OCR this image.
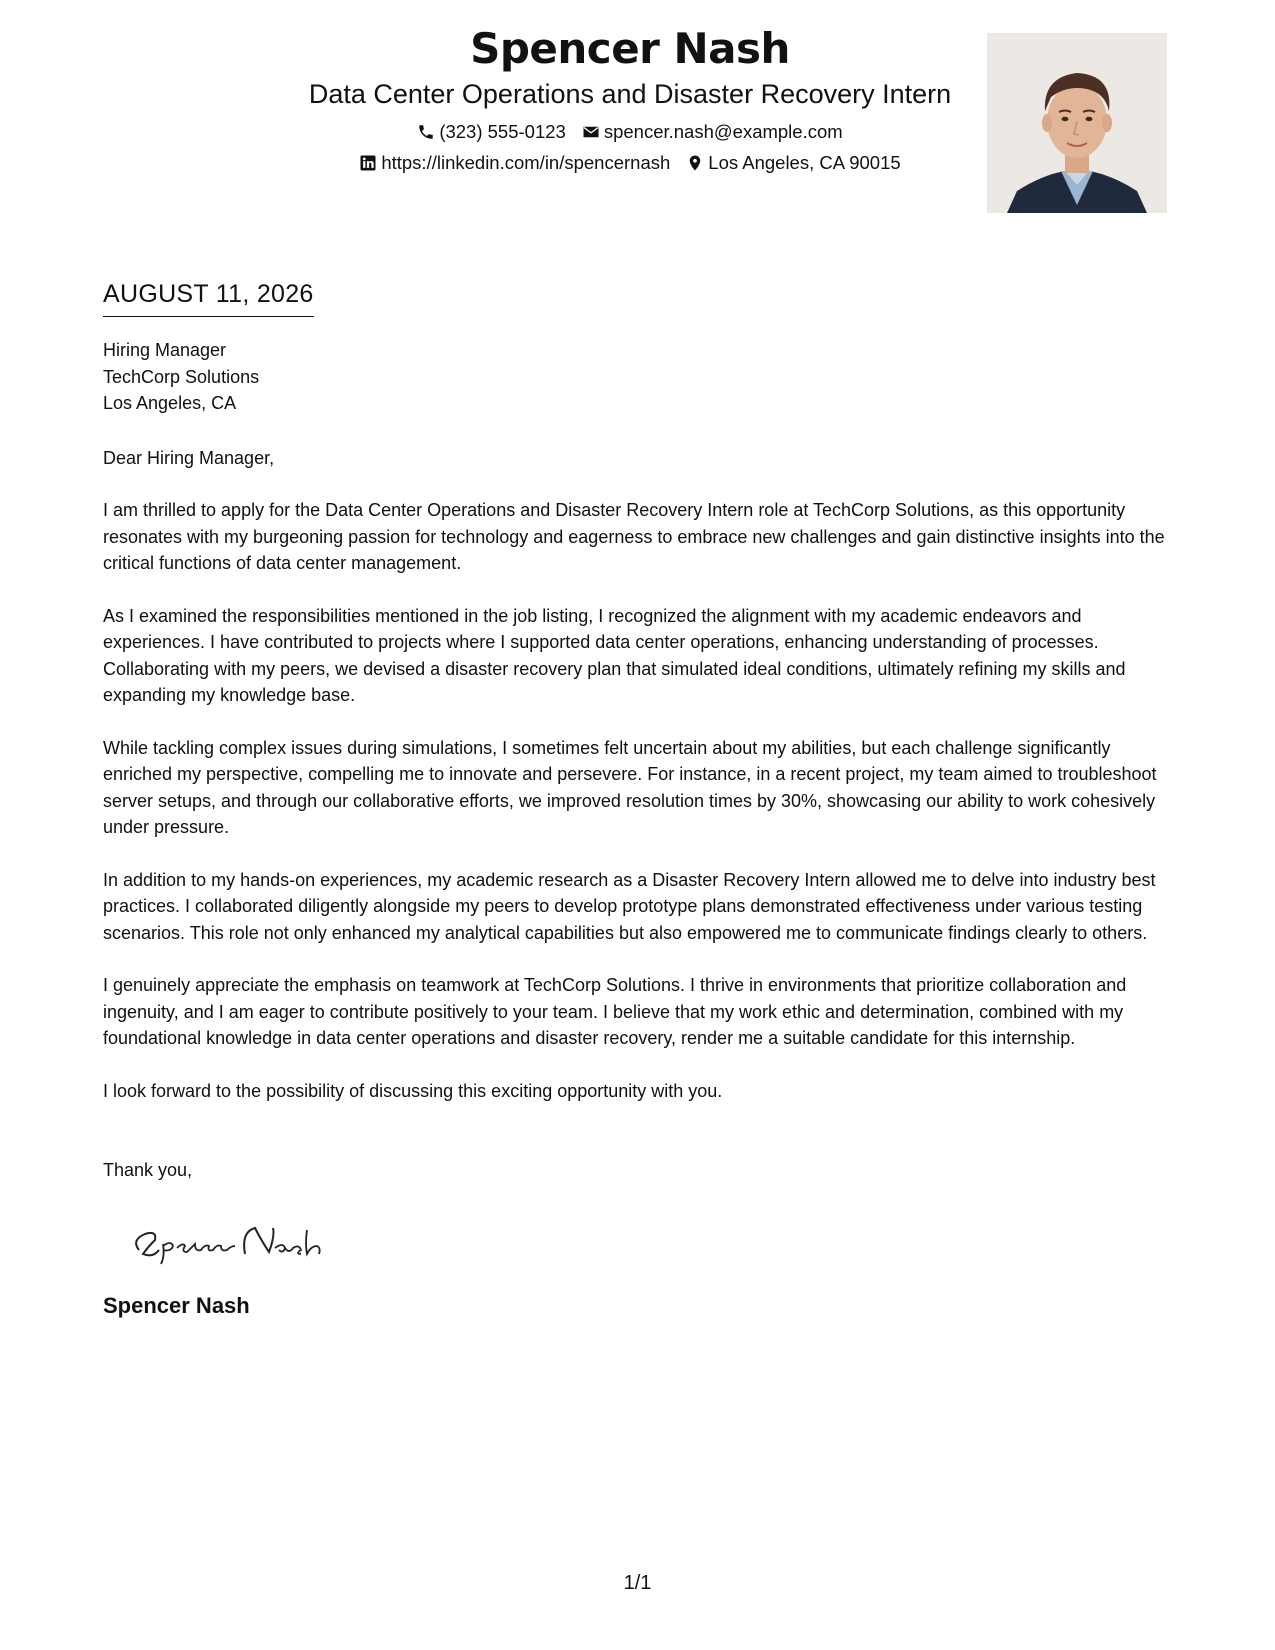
Spencer Nash
Data Center Operations and Disaster Recovery Intern
(323) 555-0123 spencer.nash@example.com
https://linkedin.com/in/spencernash Los Angeles, CA 90015
AUGUST 11, 2026
Hiring Manager
TechCorp Solutions
Los Angeles, CA
Dear Hiring Manager,

I am thrilled to apply for the Data Center Operations and Disaster Recovery Intern role at TechCorp Solutions, as this opportunity resonates with my burgeoning passion for technology and eagerness to embrace new challenges and gain distinctive insights into the critical functions of data center management.

As I examined the responsibilities mentioned in the job listing, I recognized the alignment with my academic endeavors and experiences. I have contributed to projects where I supported data center operations, enhancing understanding of processes. Collaborating with my peers, we devised a disaster recovery plan that simulated ideal conditions, ultimately refining my skills and expanding my knowledge base.

While tackling complex issues during simulations, I sometimes felt uncertain about my abilities, but each challenge significantly enriched my perspective, compelling me to innovate and persevere. For instance, in a recent project, my team aimed to troubleshoot server setups, and through our collaborative efforts, we improved resolution times by 30%, showcasing our ability to work cohesively under pressure.

In addition to my hands-on experiences, my academic research as a Disaster Recovery Intern allowed me to delve into industry best practices. I collaborated diligently alongside my peers to develop prototype plans demonstrated effectiveness under various testing scenarios. This role not only enhanced my analytical capabilities but also empowered me to communicate findings clearly to others.

I genuinely appreciate the emphasis on teamwork at TechCorp Solutions. I thrive in environments that prioritize collaboration and ingenuity, and I am eager to contribute positively to your team. I believe that my work ethic and determination, combined with my foundational knowledge in data center operations and disaster recovery, render me a suitable candidate for this internship.

I look forward to the possibility of discussing this exciting opportunity with you.

Thank you,
Spencer Nash
1/1
